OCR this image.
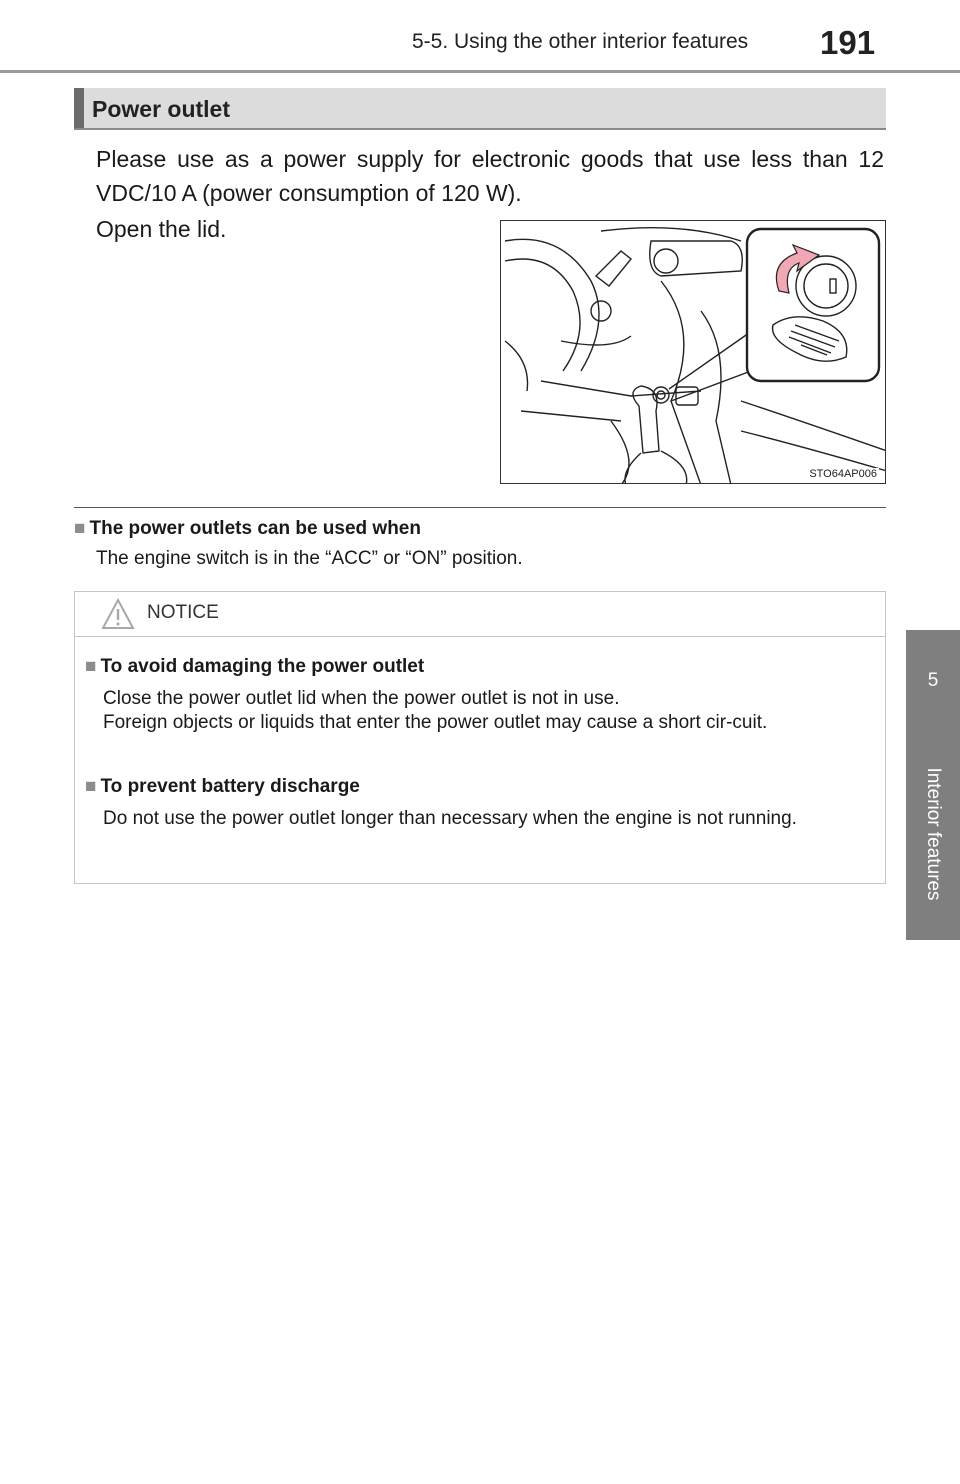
5-5. Using the other interior features 191
5
Interior features
Power outlet

Please use as a power supply for electronic goods that use less than 12 VDC/10 A (power consumption of 120 W).

Open the lid.
STO64AP006
■ The power outlets can be used when
The engine switch is in the “ACC” or “ON” position.
NOTICE
■ To avoid damaging the power outlet

Close the power outlet lid when the power outlet is not in use.

Foreign objects or liquids that enter the power outlet may cause a short cir-cuit.

■ To prevent battery discharge

Do not use the power outlet longer than necessary when the engine is not running.
